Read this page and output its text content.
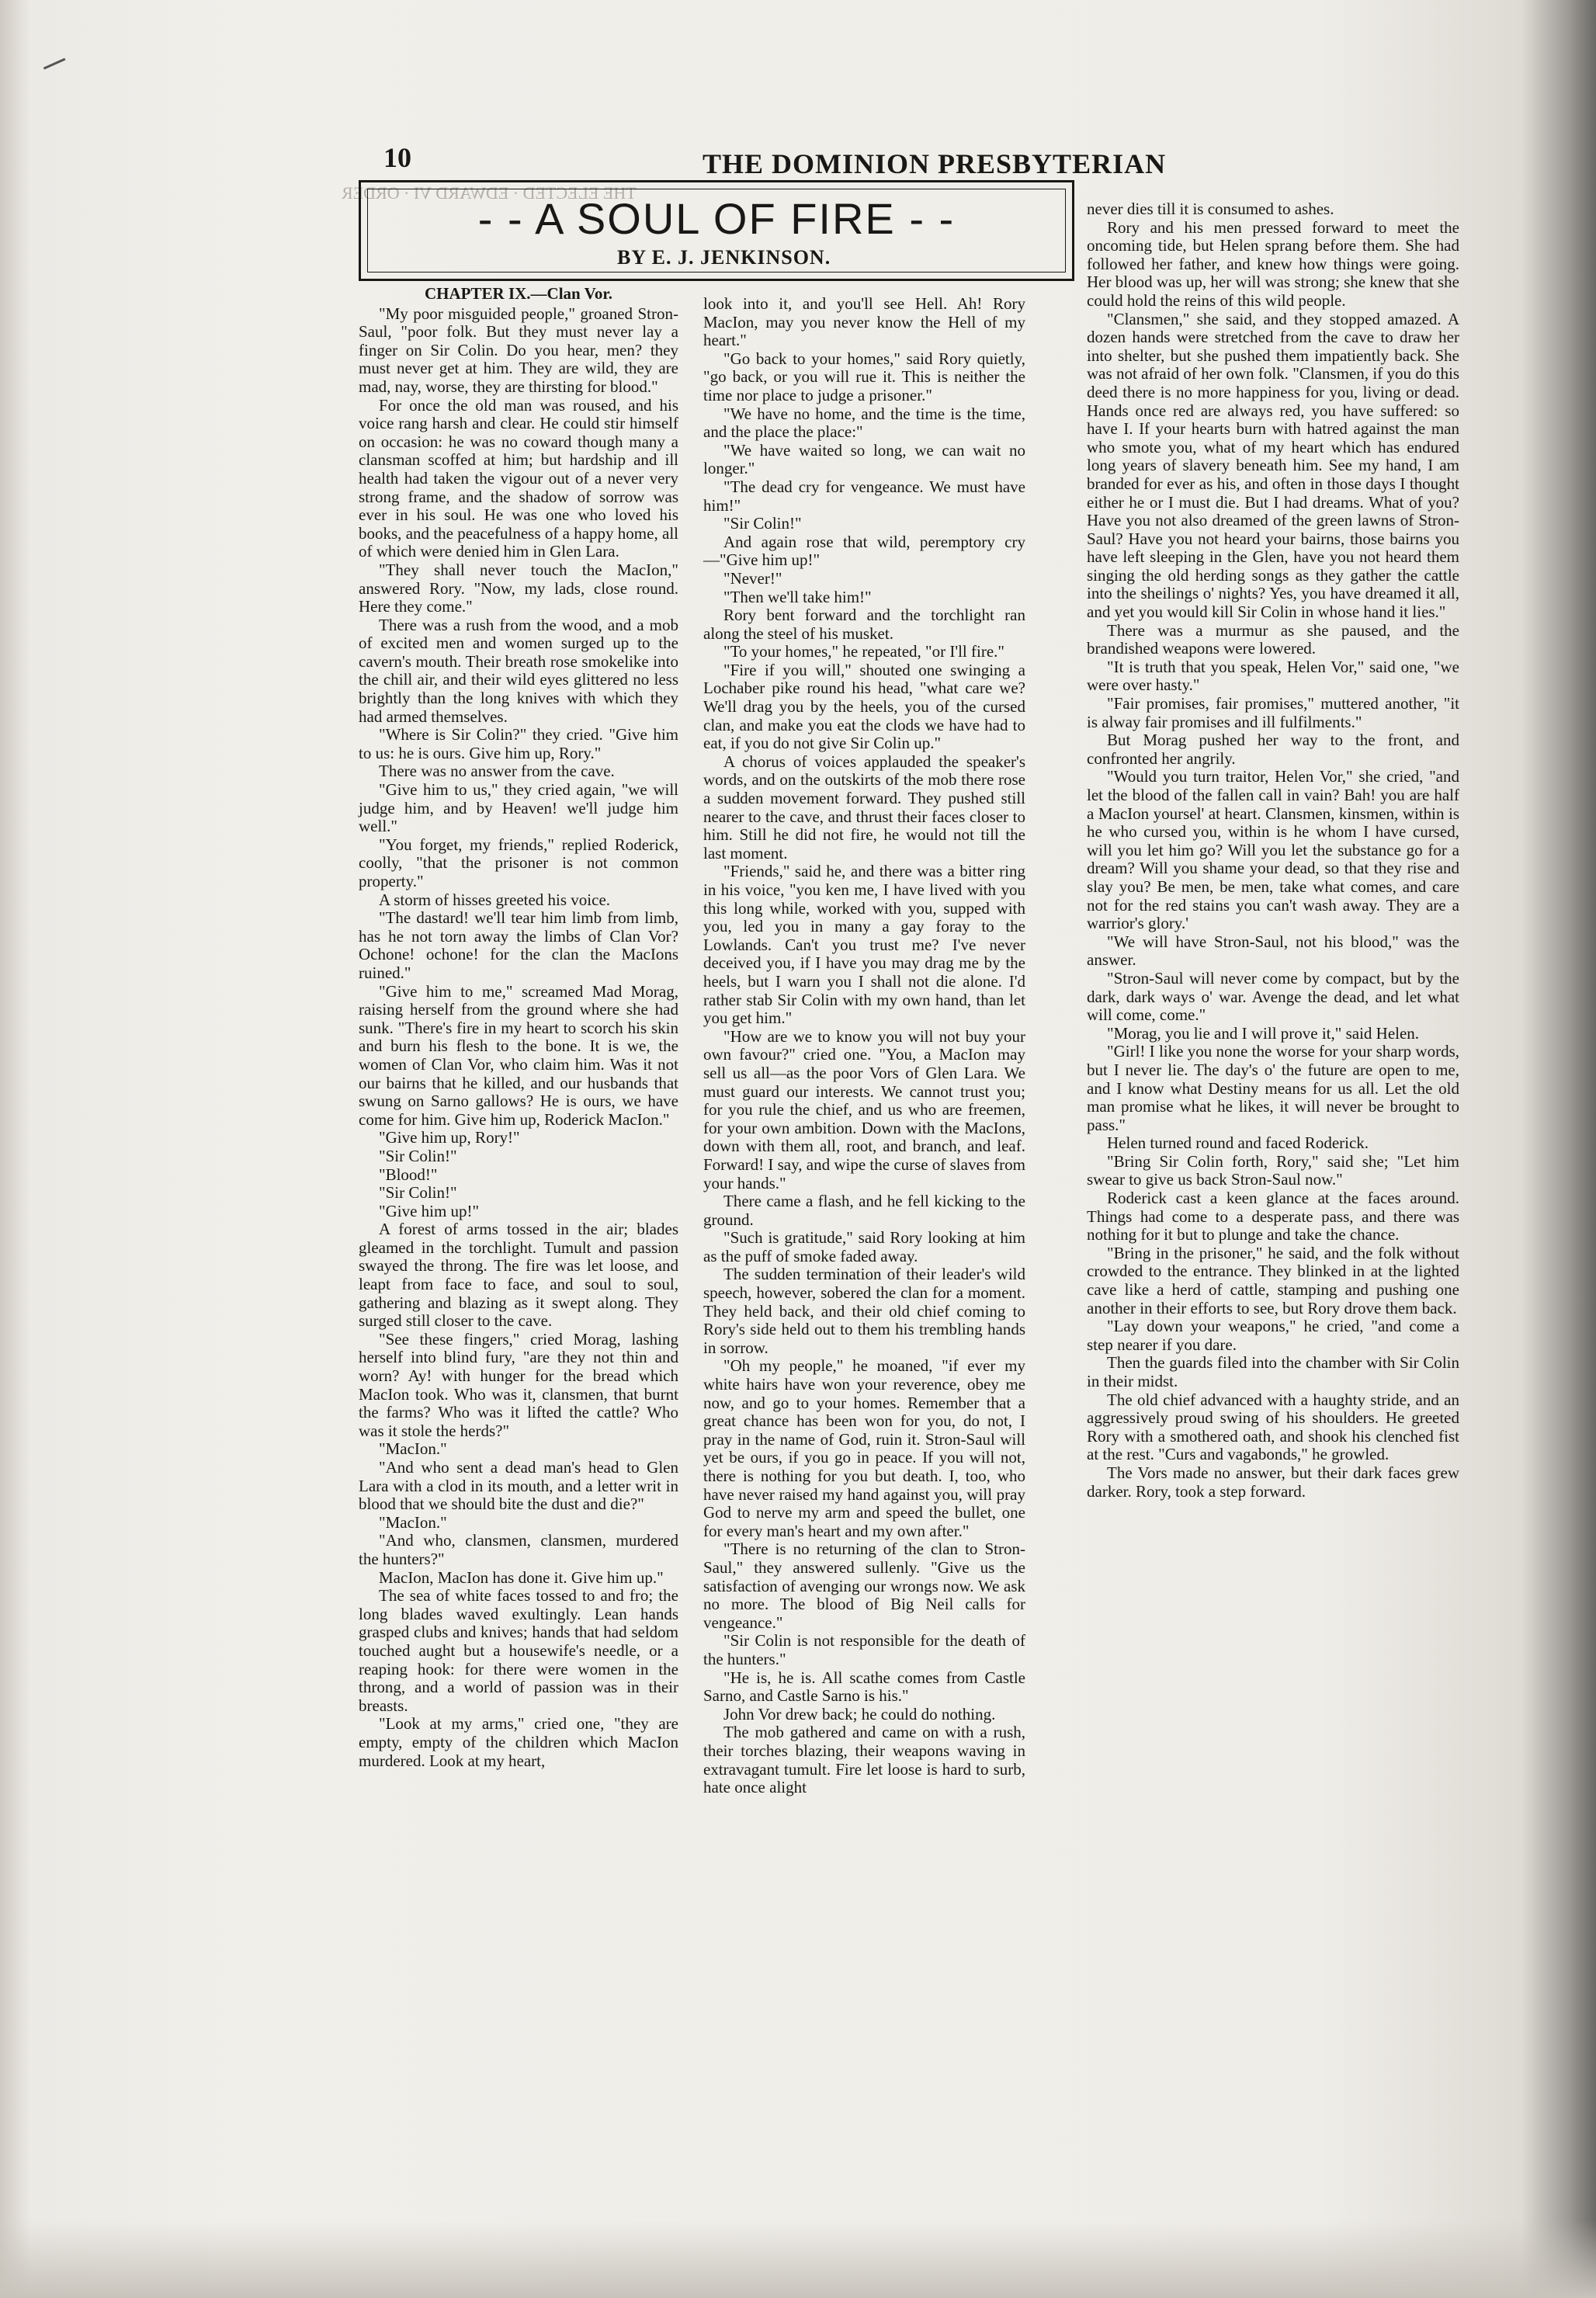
THE ELECTED · EDWARD VI · ORDER
10	THE DOMINION PRESBYTERIAN
- - A SOUL OF FIRE - -
BY E. J. JENKINSON.
CHAPTER IX.—Clan Vor.

"My poor misguided people," groaned Stron-Saul, "poor folk. But they must never lay a finger on Sir Colin. Do you hear, men? they must never get at him. They are wild, they are mad, nay, worse, they are thirsting for blood."

For once the old man was roused, and his voice rang harsh and clear. He could stir himself on occasion: he was no coward though many a clansman scoffed at him; but hardship and ill health had taken the vigour out of a never very strong frame, and the shadow of sorrow was ever in his soul. He was one who loved his books, and the peacefulness of a happy home, all of which were denied him in Glen Lara.

"They shall never touch the MacIon," answered Rory. "Now, my lads, close round. Here they come."

There was a rush from the wood, and a mob of excited men and women surged up to the cavern's mouth. Their breath rose smokelike into the chill air, and their wild eyes glittered no less brightly than the long knives with which they had armed themselves.

"Where is Sir Colin?" they cried. "Give him to us: he is ours. Give him up, Rory."

There was no answer from the cave.

"Give him to us," they cried again, "we will judge him, and by Heaven! we'll judge him well."

"You forget, my friends," replied Roderick, coolly, "that the prisoner is not common property."

A storm of hisses greeted his voice.

"The dastard! we'll tear him limb from limb, has he not torn away the limbs of Clan Vor? Ochone! ochone! for the clan the MacIons ruined."

"Give him to me," screamed Mad Morag, raising herself from the ground where she had sunk. "There's fire in my heart to scorch his skin and burn his flesh to the bone. It is we, the women of Clan Vor, who claim him. Was it not our bairns that he killed, and our husbands that swung on Sarno gallows? He is ours, we have come for him. Give him up, Roderick MacIon."

"Give him up, Rory!"

"Sir Colin!"

"Blood!"

"Sir Colin!"

"Give him up!"

A forest of arms tossed in the air; blades gleamed in the torchlight. Tumult and passion swayed the throng. The fire was let loose, and leapt from face to face, and soul to soul, gathering and blazing as it swept along. They surged still closer to the cave.

"See these fingers," cried Morag, lashing herself into blind fury, "are they not thin and worn? Ay! with hunger for the bread which MacIon took. Who was it, clansmen, that burnt the farms? Who was it lifted the cattle? Who was it stole the herds?"

"MacIon."

"And who sent a dead man's head to Glen Lara with a clod in its mouth, and a letter writ in blood that we should bite the dust and die?"

"MacIon."

"And who, clansmen, clansmen, murdered the hunters?"

MacIon, MacIon has done it. Give him up."

The sea of white faces tossed to and fro; the long blades waved exultingly. Lean hands grasped clubs and knives; hands that had seldom touched aught but a housewife's needle, or a reaping hook: for there were women in the throng, and a world of passion was in their breasts.

"Look at my arms," cried one, "they are empty, empty of the children which MacIon murdered. Look at my heart,

look into it, and you'll see Hell. Ah! Rory MacIon, may you never know the Hell of my heart."

"Go back to your homes," said Rory quietly, "go back, or you will rue it. This is neither the time nor place to judge a prisoner."

"We have no home, and the time is the time, and the place the place:"

"We have waited so long, we can wait no longer."

"The dead cry for vengeance. We must have him!"

"Sir Colin!"

And again rose that wild, peremptory cry—"Give him up!"

"Never!"

"Then we'll take him!"

Rory bent forward and the torchlight ran along the steel of his musket.

"To your homes," he repeated, "or I'll fire."

"Fire if you will," shouted one swinging a Lochaber pike round his head, "what care we? We'll drag you by the heels, you of the cursed clan, and make you eat the clods we have had to eat, if you do not give Sir Colin up."

A chorus of voices applauded the speaker's words, and on the outskirts of the mob there rose a sudden movement forward. They pushed still nearer to the cave, and thrust their faces closer to him. Still he did not fire, he would not till the last moment.

"Friends," said he, and there was a bitter ring in his voice, "you ken me, I have lived with you this long while, worked with you, supped with you, led you in many a gay foray to the Lowlands. Can't you trust me? I've never deceived you, if I have you may drag me by the heels, but I warn you I shall not die alone. I'd rather stab Sir Colin with my own hand, than let you get him."

"How are we to know you will not buy your own favour?" cried one. "You, a MacIon may sell us all—as the poor Vors of Glen Lara. We must guard our interests. We cannot trust you; for you rule the chief, and us who are freemen, for your own ambition. Down with the MacIons, down with them all, root, and branch, and leaf. Forward! I say, and wipe the curse of slaves from your hands."

There came a flash, and he fell kicking to the ground.

"Such is gratitude," said Rory looking at him as the puff of smoke faded away.

The sudden termination of their leader's wild speech, however, sobered the clan for a moment. They held back, and their old chief coming to Rory's side held out to them his trembling hands in sorrow.

"Oh my people," he moaned, "if ever my white hairs have won your reverence, obey me now, and go to your homes. Remember that a great chance has been won for you, do not, I pray in the name of God, ruin it. Stron-Saul will yet be ours, if you go in peace. If you will not, there is nothing for you but death. I, too, who have never raised my hand against you, will pray God to nerve my arm and speed the bullet, one for every man's heart and my own after."

"There is no returning of the clan to Stron-Saul," they answered sullenly. "Give us the satisfaction of avenging our wrongs now. We ask no more. The blood of Big Neil calls for vengeance."

"Sir Colin is not responsible for the death of the hunters."

"He is, he is. All scathe comes from Castle Sarno, and Castle Sarno is his."

John Vor drew back; he could do nothing.

The mob gathered and came on with a rush, their torches blazing, their weapons waving in extravagant tumult. Fire let loose is hard to surb, hate once alight

never dies till it is consumed to ashes.

Rory and his men pressed forward to meet the oncoming tide, but Helen sprang before them. She had followed her father, and knew how things were going. Her blood was up, her will was strong; she knew that she could hold the reins of this wild people.

"Clansmen," she said, and they stopped amazed. A dozen hands were stretched from the cave to draw her into shelter, but she pushed them impatiently back. She was not afraid of her own folk. "Clansmen, if you do this deed there is no more happiness for you, living or dead. Hands once red are always red, you have suffered: so have I. If your hearts burn with hatred against the man who smote you, what of my heart which has endured long years of slavery beneath him. See my hand, I am branded for ever as his, and often in those days I thought either he or I must die. But I had dreams. What of you? Have you not also dreamed of the green lawns of Stron-Saul? Have you not heard your bairns, those bairns you have left sleeping in the Glen, have you not heard them singing the old herding songs as they gather the cattle into the sheilings o' nights? Yes, you have dreamed it all, and yet you would kill Sir Colin in whose hand it lies."

There was a murmur as she paused, and the brandished weapons were lowered.

"It is truth that you speak, Helen Vor," said one, "we were over hasty."

"Fair promises, fair promises," muttered another, "it is alway fair promises and ill fulfilments."

But Morag pushed her way to the front, and confronted her angrily.

"Would you turn traitor, Helen Vor," she cried, "and let the blood of the fallen call in vain? Bah! you are half a MacIon yoursel' at heart. Clansmen, kinsmen, within is he who cursed you, within is he whom I have cursed, will you let him go? Will you let the substance go for a dream? Will you shame your dead, so that they rise and slay you? Be men, be men, take what comes, and care not for the red stains you can't wash away. They are a warrior's glory.'

"We will have Stron-Saul, not his blood," was the answer.

"Stron-Saul will never come by compact, but by the dark, dark ways o' war. Avenge the dead, and let what will come, come."

"Morag, you lie and I will prove it," said Helen.

"Girl! I like you none the worse for your sharp words, but I never lie. The day's o' the future are open to me, and I know what Destiny means for us all. Let the old man promise what he likes, it will never be brought to pass."

Helen turned round and faced Roderick.

"Bring Sir Colin forth, Rory," said she; "Let him swear to give us back Stron-Saul now."

Roderick cast a keen glance at the faces around. Things had come to a desperate pass, and there was nothing for it but to plunge and take the chance.

"Bring in the prisoner," he said, and the folk without crowded to the entrance. They blinked in at the lighted cave like a herd of cattle, stamping and pushing one another in their efforts to see, but Rory drove them back.

"Lay down your weapons," he cried, "and come a step nearer if you dare.

Then the guards filed into the chamber with Sir Colin in their midst.

The old chief advanced with a haughty stride, and an aggressively proud swing of his shoulders. He greeted Rory with a smothered oath, and shook his clenched fist at the rest. "Curs and vagabonds," he growled.

The Vors made no answer, but their dark faces grew darker. Rory, took a step forward.
